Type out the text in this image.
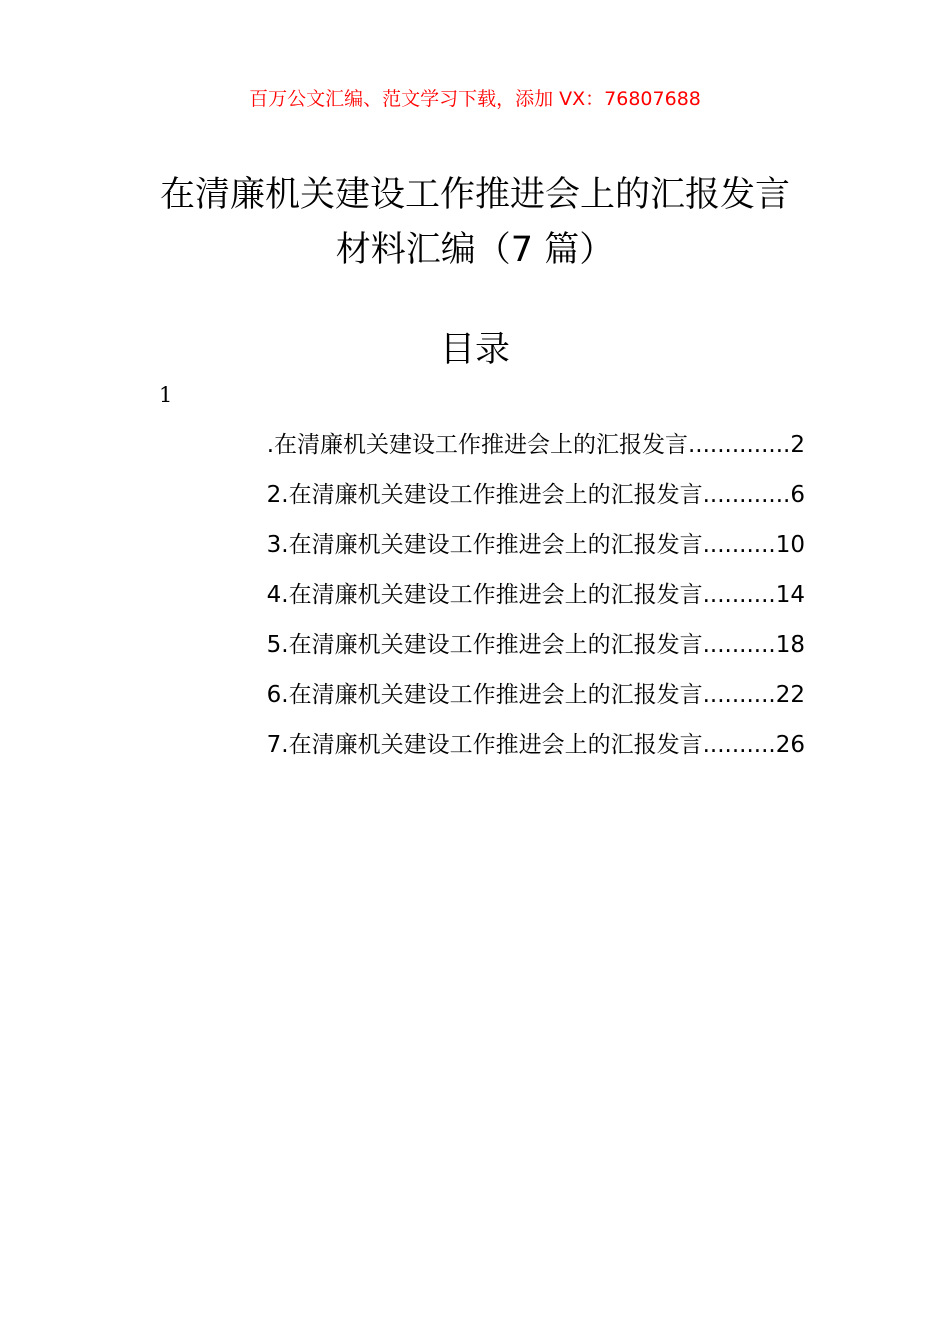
百万公文汇编、范文学习下载，添加 VX：76807688
在清廉机关建设工作推进会上的汇报发言
材料汇编（7 篇）
目录
1
.在清廉机关建设工作推进会上的汇报发言..............2
2.在清廉机关建设工作推进会上的汇报发言............6
3.在清廉机关建设工作推进会上的汇报发言..........10
4.在清廉机关建设工作推进会上的汇报发言..........14
5.在清廉机关建设工作推进会上的汇报发言..........18
6.在清廉机关建设工作推进会上的汇报发言..........22
7.在清廉机关建设工作推进会上的汇报发言..........26
